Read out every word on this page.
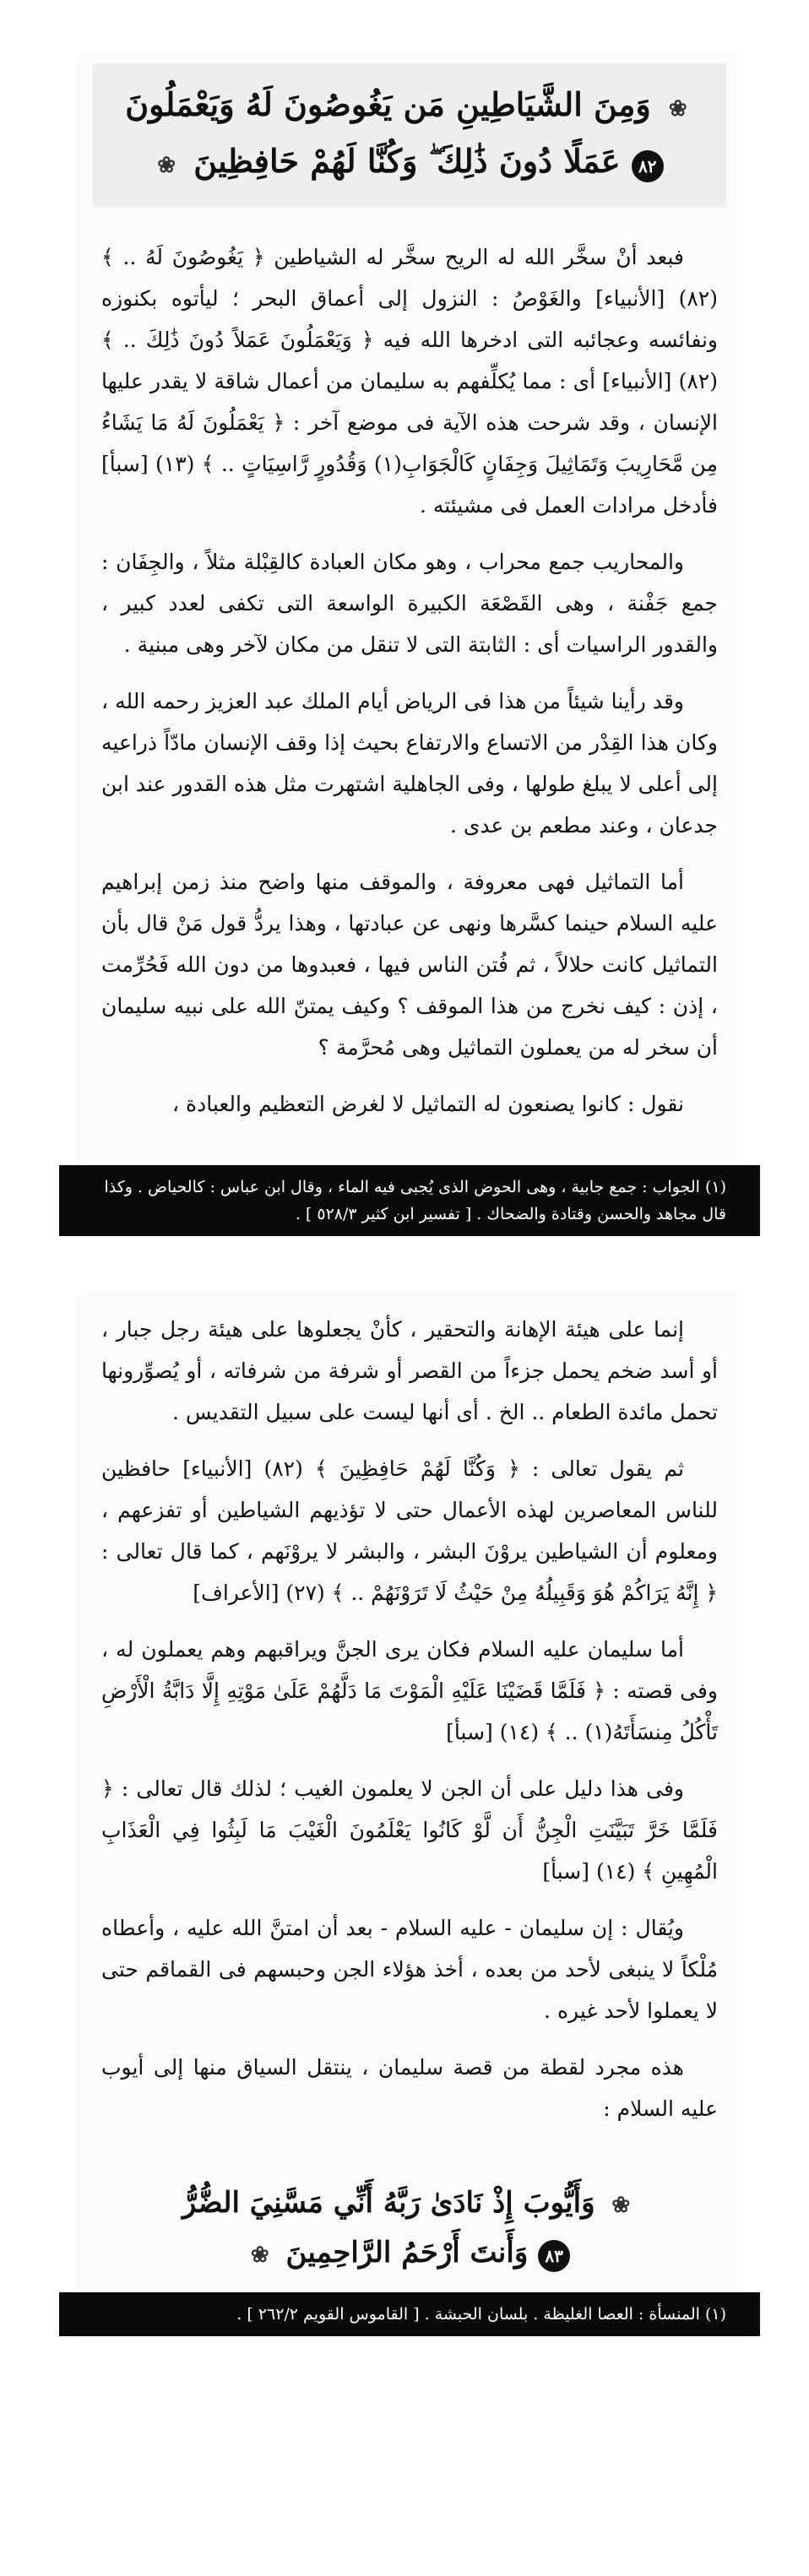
❀ وَمِنَ الشَّيَاطِينِ مَن يَغُوصُونَ لَهُ وَيَعْمَلُونَ
٨٢ عَمَلًا دُونَ ذَٰلِكَ ۖ وَكُنَّا لَهُمْ حَافِظِينَ ❀

فبعد أنْ سخَّر الله له الريح سخَّر له الشياطين ﴿ يَغُوصُونَ لَهُ .. ﴾ (٨٢) [الأنبياء] والغَوْصُ : النزول إلى أعماق البحر ؛ ليأتوه بكنوزه ونفائسه وعجائبه التى ادخرها الله فيه ﴿ وَيَعْمَلُونَ عَمَلاً دُونَ ذَٰلِكَ .. ﴾ (٨٢) [الأنبياء] أى : مما يُكلِّفهم به سليمان من أعمال شاقة لا يقدر عليها الإنسان ، وقد شرحت هذه الآية فى موضع آخر : ﴿ يَعْمَلُونَ لَهُ مَا يَشَاءُ مِن مَّحَارِيبَ وَتَمَاثِيلَ وَجِفَانٍ كَالْجَوَابِ(١) وَقُدُورٍ رَّاسِيَاتٍ .. ﴾ (١٣) [سبأ] فأدخل مرادات العمل فى مشيئته .

والمحاريب جمع محراب ، وهو مكان العبادة كالقِبْلة مثلاً ، والجِفَان : جمع جَفْنة ، وهى القَصْعَة الكبيرة الواسعة التى تكفى لعدد كبير ، والقدور الراسيات أى : الثابتة التى لا تنقل من مكان لآخر وهى مبنية .

وقد رأينا شيئاً من هذا فى الرياض أيام الملك عبد العزيز رحمه الله ، وكان هذا القِدْر من الاتساع والارتفاع بحيث إذا وقف الإنسان مادّاً ذراعيه إلى أعلى لا يبلغ طولها ، وفى الجاهلية اشتهرت مثل هذه القدور عند ابن جدعان ، وعند مطعم بن عدى .

أما التماثيل فهى معروفة ، والموقف منها واضح منذ زمن إبراهيم عليه السلام حينما كسَّرها ونهى عن عبادتها ، وهذا يردُّ قول مَنْ قال بأن التماثيل كانت حلالاً ، ثم فُتن الناس فيها ، فعبدوها من دون الله فَحُرِّمت ، إذن : كيف نخرج من هذا الموقف ؟ وكيف يمتنّ الله على نبيه سليمان أن سخر له من يعملون التماثيل وهى مُحرَّمة ؟

نقول : كانوا يصنعون له التماثيل لا لغرض التعظيم والعبادة ،

(١) الجواب : جمع جابية ، وهى الحوض الذى يُجبى فيه الماء ، وقال ابن عباس : كالحياض . وكذا قال مجاهد والحسن وقتادة والضحاك . [ تفسير ابن كثير ٥٢٨/٣ ] .

إنما على هيئة الإهانة والتحقير ، كأنْ يجعلوها على هيئة رجل جبار ، أو أسد ضخم يحمل جزءاً من القصر أو شرفة من شرفاته ، أو يُصوِّرونها تحمل مائدة الطعام .. الخ . أى أنها ليست على سبيل التقديس .

ثم يقول تعالى : ﴿ وَكُنَّا لَهُمْ حَافِظِينَ ﴾ (٨٢) [الأنبياء] حافظين للناس المعاصرين لهذه الأعمال حتى لا تؤذيهم الشياطين أو تفزعهم ، ومعلوم أن الشياطين يروْنَ البشر ، والبشر لا يروْنَهم ، كما قال تعالى : ﴿ إِنَّهُ يَرَاكُمْ هُوَ وَقَبِيلُهُ مِنْ حَيْثُ لَا تَرَوْنَهُمْ .. ﴾ (٢٧) [الأعراف]

أما سليمان عليه السلام فكان يرى الجنَّ ويراقبهم وهم يعملون له ، وفى قصته : ﴿ فَلَمَّا قَضَيْنَا عَلَيْهِ الْمَوْتَ مَا دَلَّهُمْ عَلَىٰ مَوْتِهِ إِلَّا دَابَّةُ الْأَرْضِ تَأْكُلُ مِنسَأَتَهُ(١) .. ﴾ (١٤) [سبأ]

وفى هذا دليل على أن الجن لا يعلمون الغيب ؛ لذلك قال تعالى : ﴿ فَلَمَّا خَرَّ تَبَيَّنَتِ الْجِنُّ أَن لَّوْ كَانُوا يَعْلَمُونَ الْغَيْبَ مَا لَبِثُوا فِي الْعَذَابِ الْمُهِينِ ﴾ (١٤) [سبأ]

ويُقال : إن سليمان - عليه السلام - بعد أن امتنَّ الله عليه ، وأعطاه مُلْكاً لا ينبغى لأحد من بعده ، أخذ هؤلاء الجن وحبسهم فى القماقم حتى لا يعملوا لأحد غيره .

هذه مجرد لقطة من قصة سليمان ، ينتقل السياق منها إلى أيوب عليه السلام :

❀ وَأَيُّوبَ إِذْ نَادَىٰ رَبَّهُ أَنِّي مَسَّنِيَ الضُّرُّ
٨٣ وَأَنتَ أَرْحَمُ الرَّاحِمِينَ ❀
(١) المنسأة : العصا الغليظة . بلسان الحبشة . [ القاموس القويم ٢٦٢/٢ ] .
